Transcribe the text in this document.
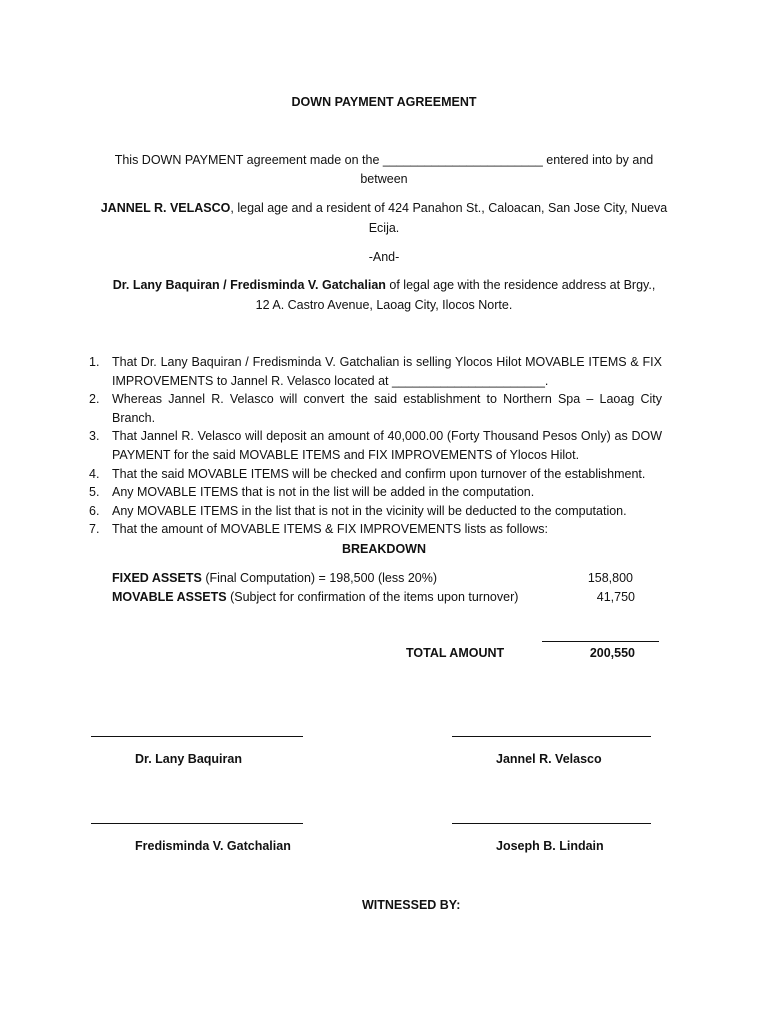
DOWN PAYMENT AGREEMENT
This DOWN PAYMENT agreement made on the _______________________ entered into by and
between
JANNEL R. VELASCO, legal age and a resident of 424 Panahon St., Caloacan, San Jose City, Nueva
Ecija.
-And-
Dr. Lany Baquiran / Fredisminda V. Gatchalian of legal age with the residence address at Brgy.,
12 A. Castro Avenue, Laoag City, Ilocos Norte.
1. That Dr. Lany Baquiran / Fredisminda V. Gatchalian is selling Ylocos Hilot MOVABLE ITEMS & FIX IMPROVEMENTS to Jannel R. Velasco located at ______________________.
2. Whereas Jannel R. Velasco will convert the said establishment to Northern Spa – Laoag City Branch.
3. That Jannel R. Velasco will deposit an amount of 40,000.00 (Forty Thousand Pesos Only) as DOW PAYMENT for the said MOVABLE ITEMS and FIX IMPROVEMENTS of Ylocos Hilot.
4. That the said MOVABLE ITEMS will be checked and confirm upon turnover of the establishment.
5. Any MOVABLE ITEMS that is not in the list will be added in the computation.
6. Any MOVABLE ITEMS in the list that is not in the vicinity will be deducted to the computation.
7. That the amount of MOVABLE ITEMS & FIX IMPROVEMENTS lists as follows:
BREAKDOWN
FIXED ASSETS (Final Computation) = 198,500 (less 20%)	158,800
MOVABLE ASSETS (Subject for confirmation of the items upon turnover)	41,750
TOTAL AMOUNT	200,550
Dr. Lany Baquiran	Jannel R. Velasco
Fredisminda V. Gatchalian	Joseph B. Lindain
WITNESSED BY:
